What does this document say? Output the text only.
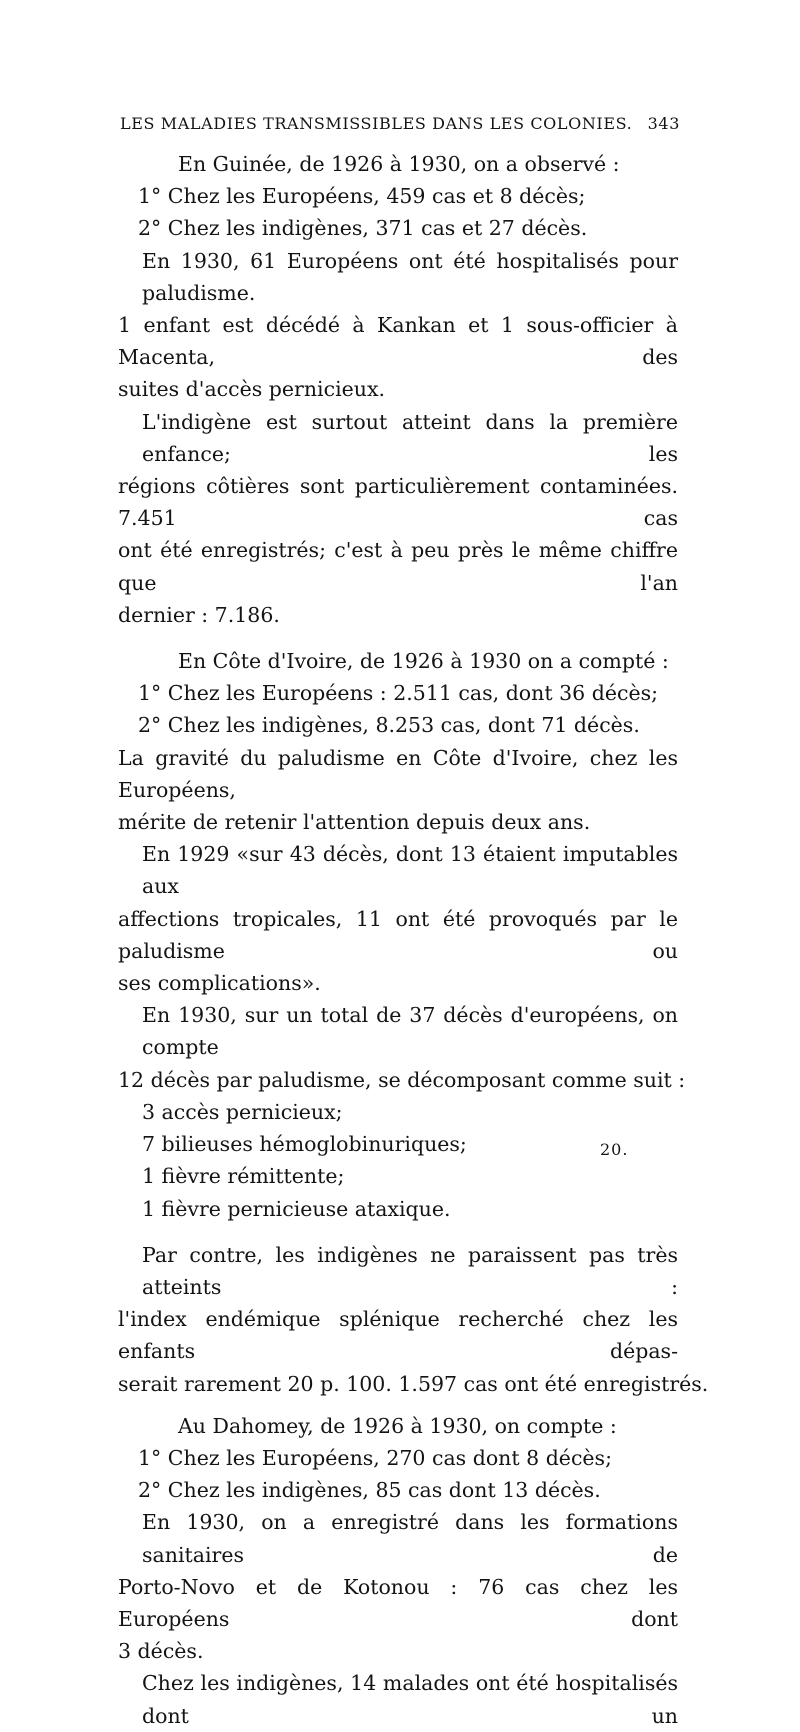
LES MALADIES TRANSMISSIBLES DANS LES COLONIES. 343
En Guinée, de 1926 à 1930, on a observé :
1° Chez les Européens, 459 cas et 8 décès;
2° Chez les indigènes, 371 cas et 27 décès.
En 1930, 61 Européens ont été hospitalisés pour paludisme.
1 enfant est décédé à Kankan et 1 sous-officier à Macenta, des
suites d'accès pernicieux.
L'indigène est surtout atteint dans la première enfance; les
régions côtières sont particulièrement contaminées. 7.451 cas
ont été enregistrés; c'est à peu près le même chiffre que l'an
dernier : 7.186.
En Côte d'Ivoire, de 1926 à 1930 on a compté :
1° Chez les Européens : 2.511 cas, dont 36 décès;
2° Chez les indigènes, 8.253 cas, dont 71 décès.
La gravité du paludisme en Côte d'Ivoire, chez les Européens,
mérite de retenir l'attention depuis deux ans.
En 1929 «sur 43 décès, dont 13 étaient imputables aux
affections tropicales, 11 ont été provoqués par le paludisme ou
ses complications».
En 1930, sur un total de 37 décès d'européens, on compte
12 décès par paludisme, se décomposant comme suit :
3 accès pernicieux;
7 bilieuses hémoglobinuriques;
1 fièvre rémittente;
1 fièvre pernicieuse ataxique.
Par contre, les indigènes ne paraissent pas très atteints :
l'index endémique splénique recherché chez les enfants dépas-
serait rarement 20 p. 100. 1.597 cas ont été enregistrés.
Au Dahomey, de 1926 à 1930, on compte :
1° Chez les Européens, 270 cas dont 8 décès;
2° Chez les indigènes, 85 cas dont 13 décès.
En 1930, on a enregistré dans les formations sanitaires de
Porto-Novo et de Kotonou : 76 cas chez les Européens dont
3 décès.
Chez les indigènes, 14 malades ont été hospitalisés dont un
20.
